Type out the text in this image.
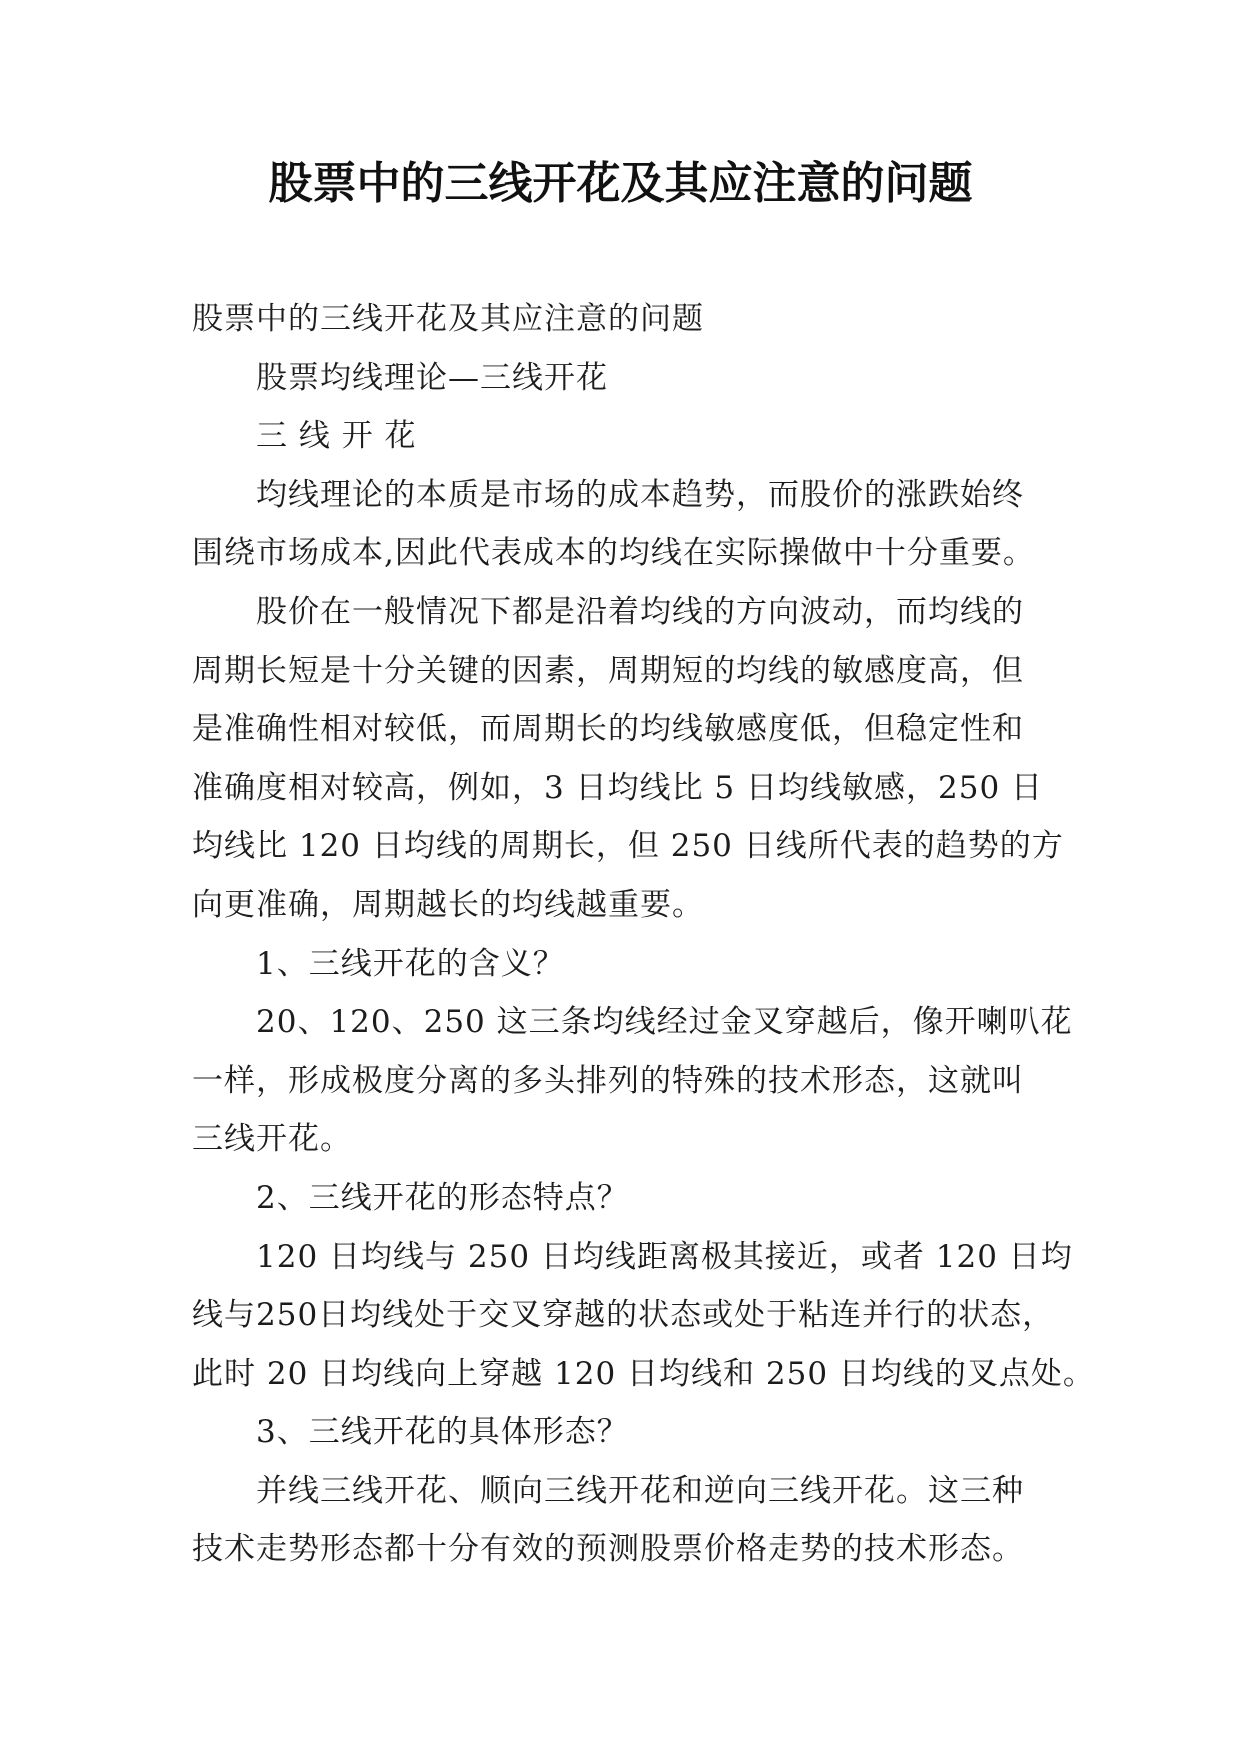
股票中的三线开花及其应注意的问题
股票中的三线开花及其应注意的问题
股票均线理论—三线开花
三 线 开 花
均线理论的本质是市场的成本趋势，而股价的涨跌始终
围绕市场成本,因此代表成本的均线在实际操做中十分重要。
股价在一般情况下都是沿着均线的方向波动，而均线的
周期长短是十分关键的因素，周期短的均线的敏感度高，但
是准确性相对较低，而周期长的均线敏感度低，但稳定性和
准确度相对较高，例如，3 日均线比 5 日均线敏感，250 日
均线比 120 日均线的周期长，但 250 日线所代表的趋势的方
向更准确，周期越长的均线越重要。
1、三线开花的含义？
20、120、250 这三条均线经过金叉穿越后，像开喇叭花
一样，形成极度分离的多头排列的特殊的技术形态，这就叫
三线开花。
2、三线开花的形态特点？
120 日均线与 250 日均线距离极其接近，或者 120 日均
线与250日均线处于交叉穿越的状态或处于粘连并行的状态，
此时 20 日均线向上穿越 120 日均线和 250 日均线的叉点处。
3、三线开花的具体形态？
并线三线开花、顺向三线开花和逆向三线开花。这三种
技术走势形态都十分有效的预测股票价格走势的技术形态。
